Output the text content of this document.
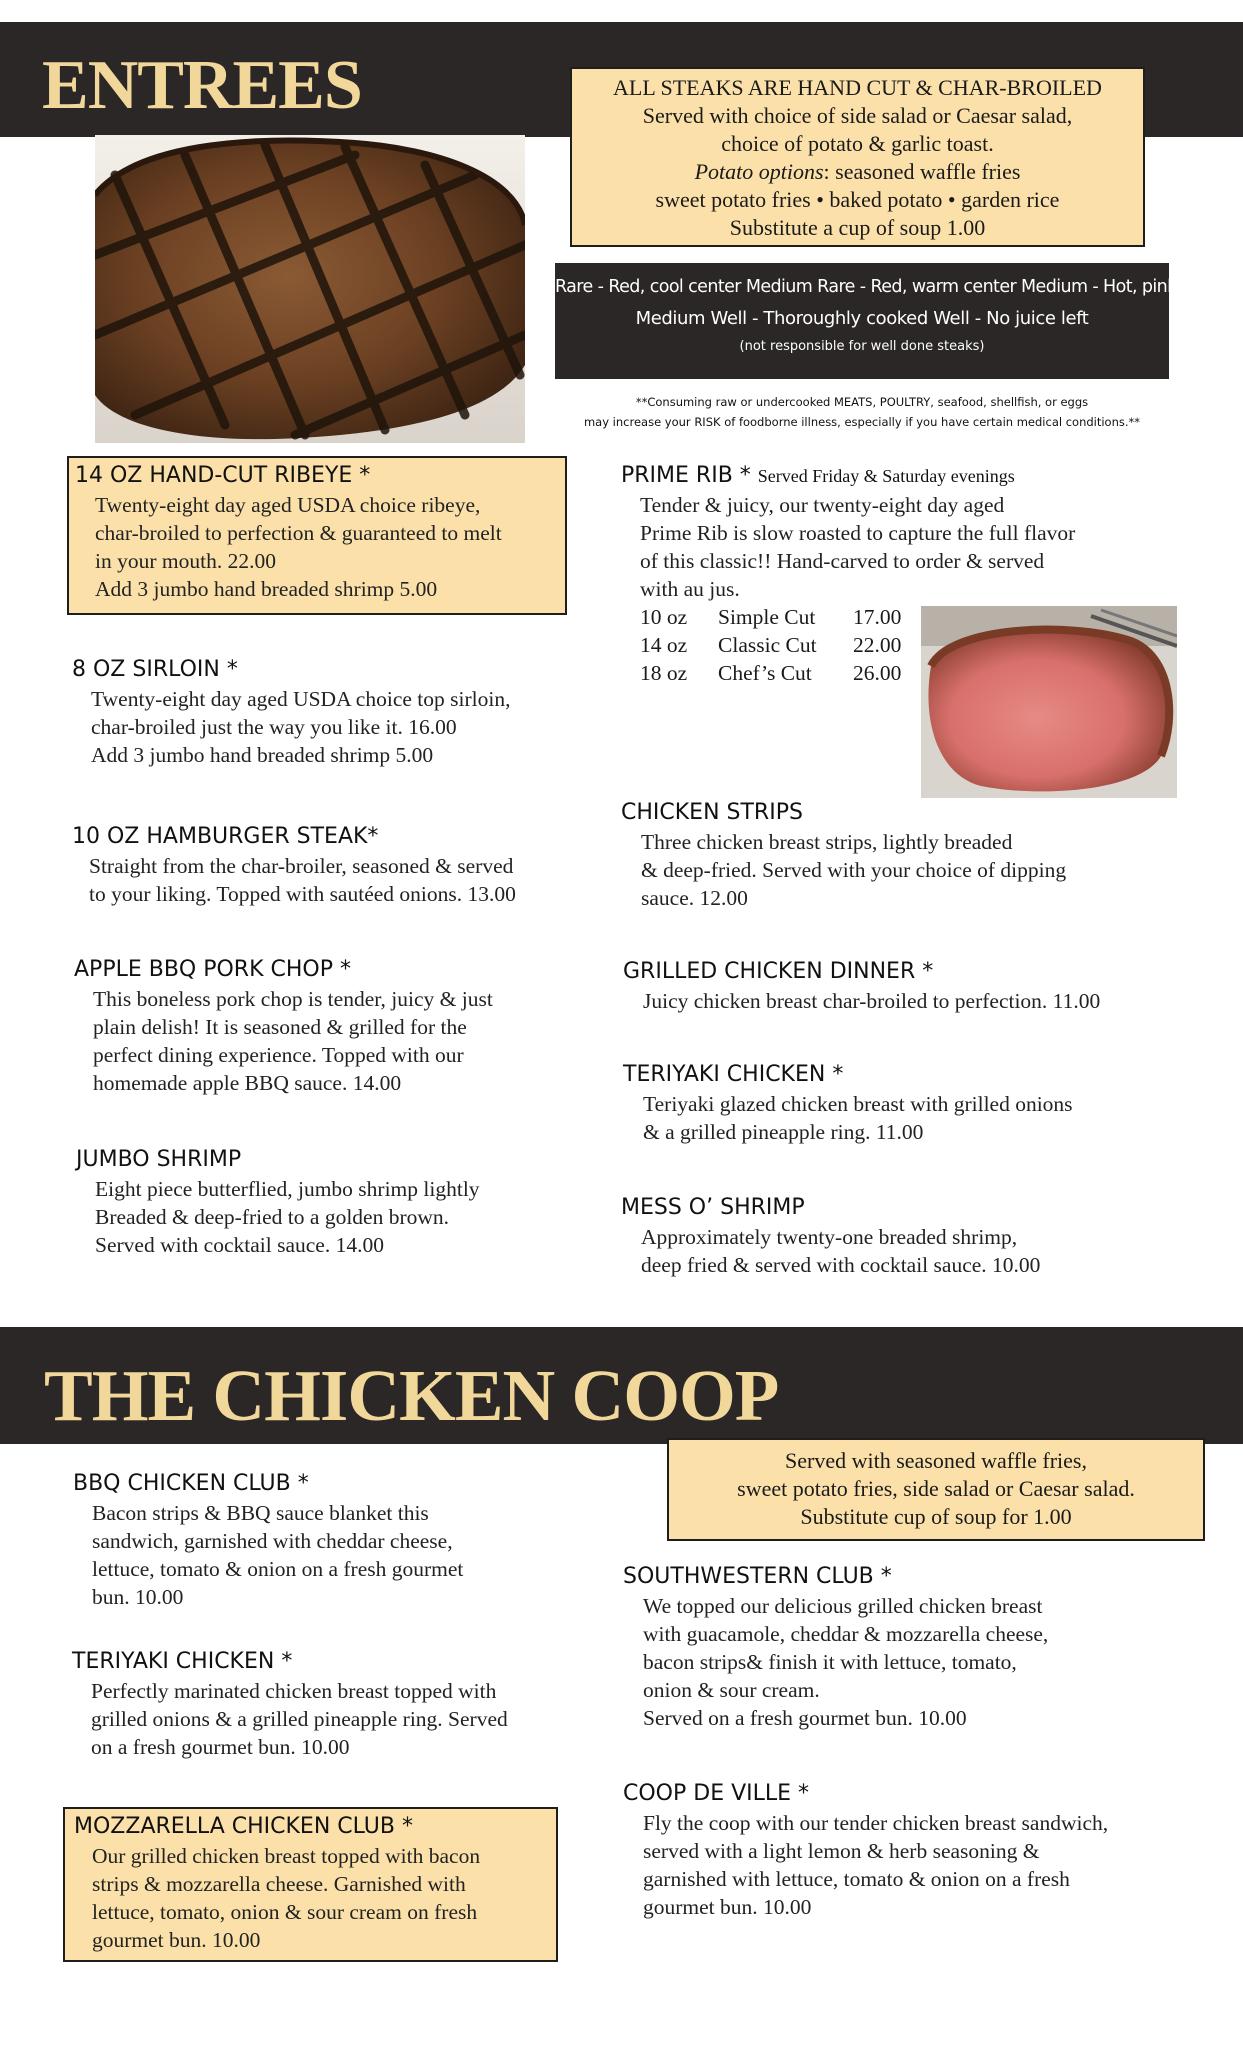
ENTREES	ALL STEAKS ARE HAND CUT & CHAR-BROILED
Served with choice of side salad or Caesar salad,
choice of potato & garlic toast.
Potato options: seasoned waffle fries
sweet potato fries • baked potato • garden rice
Substitute a cup of soup 1.00
Rare - Red, cool center Medium Rare - Red, warm center Medium - Hot, pink center
Medium Well - Thoroughly cooked Well - No juice left
(not responsible for well done steaks)
**Consuming raw or undercooked MEATS, POULTRY, seafood, shellfish, or eggs
may increase your RISK of foodborne illness, especially if you have certain medical conditions.**
14 OZ HAND-CUT RIBEYE *
Twenty-eight day aged USDA choice ribeye,
char-broiled to perfection & guaranteed to melt
in your mouth. 22.00
Add 3 jumbo hand breaded shrimp 5.00
8 OZ SIRLOIN *
Twenty-eight day aged USDA choice top sirloin,
char-broiled just the way you like it. 16.00
Add 3 jumbo hand breaded shrimp 5.00
10 OZ HAMBURGER STEAK*
Straight from the char-broiler, seasoned & served
to your liking. Topped with sautéed onions. 13.00
APPLE BBQ PORK CHOP *
This boneless pork chop is tender, juicy & just
plain delish! It is seasoned & grilled for the
perfect dining experience. Topped with our
homemade apple BBQ sauce. 14.00
JUMBO SHRIMP
Eight piece butterflied, jumbo shrimp lightly
Breaded & deep-fried to a golden brown.
Served with cocktail sauce. 14.00
PRIME RIB * Served Friday & Saturday evenings
Tender & juicy, our twenty-eight day aged
Prime Rib is slow roasted to capture the full flavor
of this classic!! Hand-carved to order & served
with au jus.
10 oz Simple Cut 17.00
14 oz Classic Cut 22.00
18 oz Chef’s Cut 26.00
CHICKEN STRIPS
Three chicken breast strips, lightly breaded
& deep-fried. Served with your choice of dipping
sauce. 12.00
GRILLED CHICKEN DINNER *
Juicy chicken breast char-broiled to perfection. 11.00
TERIYAKI CHICKEN *
Teriyaki glazed chicken breast with grilled onions
& a grilled pineapple ring. 11.00
MESS O’ SHRIMP
Approximately twenty-one breaded shrimp,
deep fried & served with cocktail sauce. 10.00
THE CHICKEN COOP
Served with seasoned waffle fries,
sweet potato fries, side salad or Caesar salad.
Substitute cup of soup for 1.00
BBQ CHICKEN CLUB *
Bacon strips & BBQ sauce blanket this
sandwich, garnished with cheddar cheese,
lettuce, tomato & onion on a fresh gourmet
bun. 10.00
TERIYAKI CHICKEN *
Perfectly marinated chicken breast topped with
grilled onions & a grilled pineapple ring. Served
on a fresh gourmet bun. 10.00
MOZZARELLA CHICKEN CLUB *
Our grilled chicken breast topped with bacon
strips & mozzarella cheese. Garnished with
lettuce, tomato, onion & sour cream on fresh
gourmet bun. 10.00
SOUTHWESTERN CLUB *
We topped our delicious grilled chicken breast
with guacamole, cheddar & mozzarella cheese,
bacon strips& finish it with lettuce, tomato,
onion & sour cream.
Served on a fresh gourmet bun. 10.00
COOP DE VILLE *
Fly the coop with our tender chicken breast sandwich,
served with a light lemon & herb seasoning &
garnished with lettuce, tomato & onion on a fresh
gourmet bun. 10.00
